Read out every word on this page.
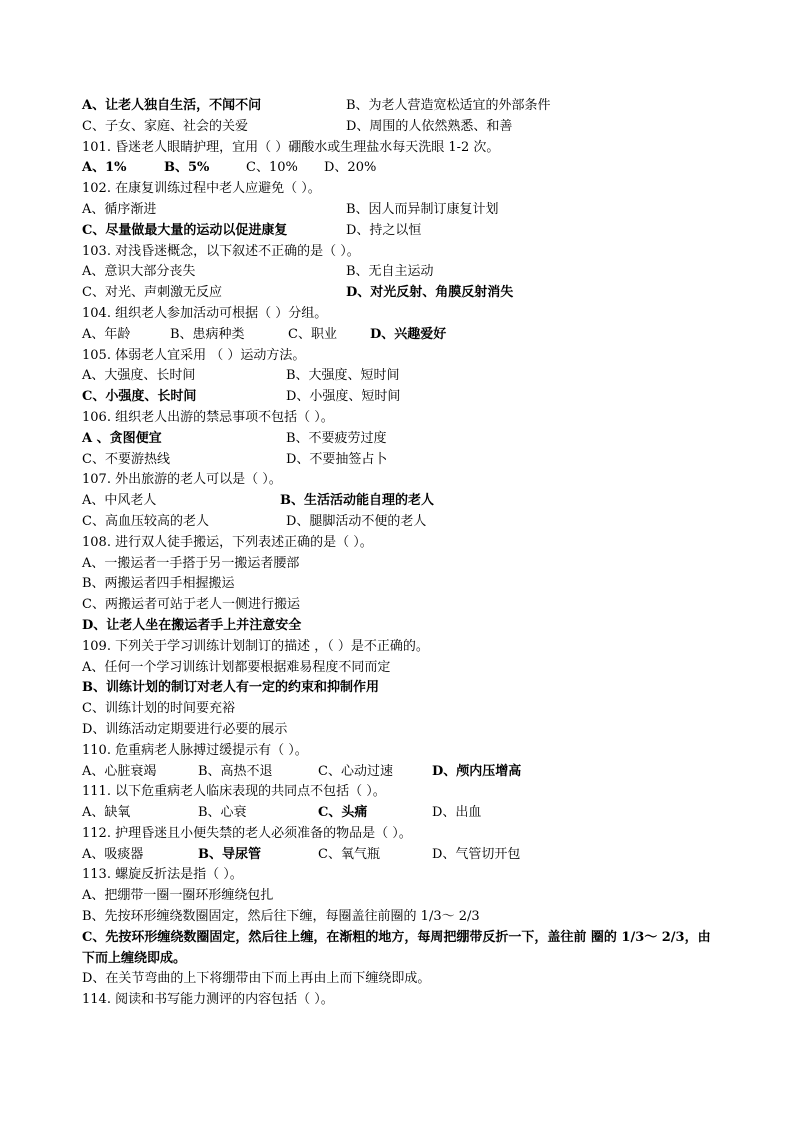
A、让老人独自生活，不闻不问	B、为老人营造宽松适宜的外部条件
C、子女、家庭、社会的关爱	D、周围的人依然熟悉、和善
101. 昏迷老人眼睛护理，宜用（ ）硼酸水或生理盐水每天洗眼 1-2 次。
A、1%	B、5%	C、10% D、20%
102. 在康复训练过程中老人应避免（ ）。
A、循序渐进	B、因人而异制订康复计划
C、尽量做最大量的运动以促进康复	D、持之以恒
103. 对浅昏迷概念，以下叙述不正确的是（ ）。
A、意识大部分丧失	B、无自主运动
C、对光、声刺激无反应	D、对光反射、角膜反射消失
104. 组织老人参加活动可根据（ ）分组。
A、年龄	B、患病种类	C、职业	D、兴趣爱好
105. 体弱老人宜采用 （ ）运动方法。
A、大强度、长时间	B、大强度、短时间
C、小强度、长时间	D、小强度、短时间
106. 组织老人出游的禁忌事项不包括（ ）。
A 、贪图便宜	B、不要疲劳过度
C、不要游热线	D、不要抽签占卜
107. 外出旅游的老人可以是（ ）。
A、中风老人	B、生活活动能自理的老人
C、高血压较高的老人	D、腿脚活动不便的老人
108. 进行双人徒手搬运，下列表述正确的是（ ）。
A、一搬运者一手搭于另一搬运者腰部
B、两搬运者四手相握搬运
C、两搬运者可站于老人一侧进行搬运
D、让老人坐在搬运者手上并注意安全
109. 下列关于学习训练计划制订的描述 ，（ ）是不正确的。
A、任何一个学习训练计划都要根据难易程度不同而定
B、训练计划的制订对老人有一定的约束和抑制作用
C、训练计划的时间要充裕
D、训练活动定期要进行必要的展示
110. 危重病老人脉搏过缓提示有（ ）。
A、心脏衰竭	B、高热不退	C、心动过速	D、颅内压增高
111. 以下危重病老人临床表现的共同点不包括（ ）。
A、缺氧	B、心衰	C、头痛	D、出血
112. 护理昏迷且小便失禁的老人必须准备的物品是（ ）。
A、吸痰器	B、导尿管	C、氧气瓶	D、气管切开包
113. 螺旋反折法是指（ ）。
A、把绷带一圈一圈环形缠绕包扎
B、先按环形缠绕数圈固定，然后往下缠，每圈盖往前圈的 1/3～ 2/3
C、先按环形缠绕数圈固定，然后往上缠，在渐粗的地方，每周把绷带反折一下，盖往前 圈的 1/3～ 2/3，由下而上缠绕即成。
D、在关节弯曲的上下将绷带由下而上再由上而下缠绕即成。
114. 阅读和书写能力测评的内容包括（ ）。
